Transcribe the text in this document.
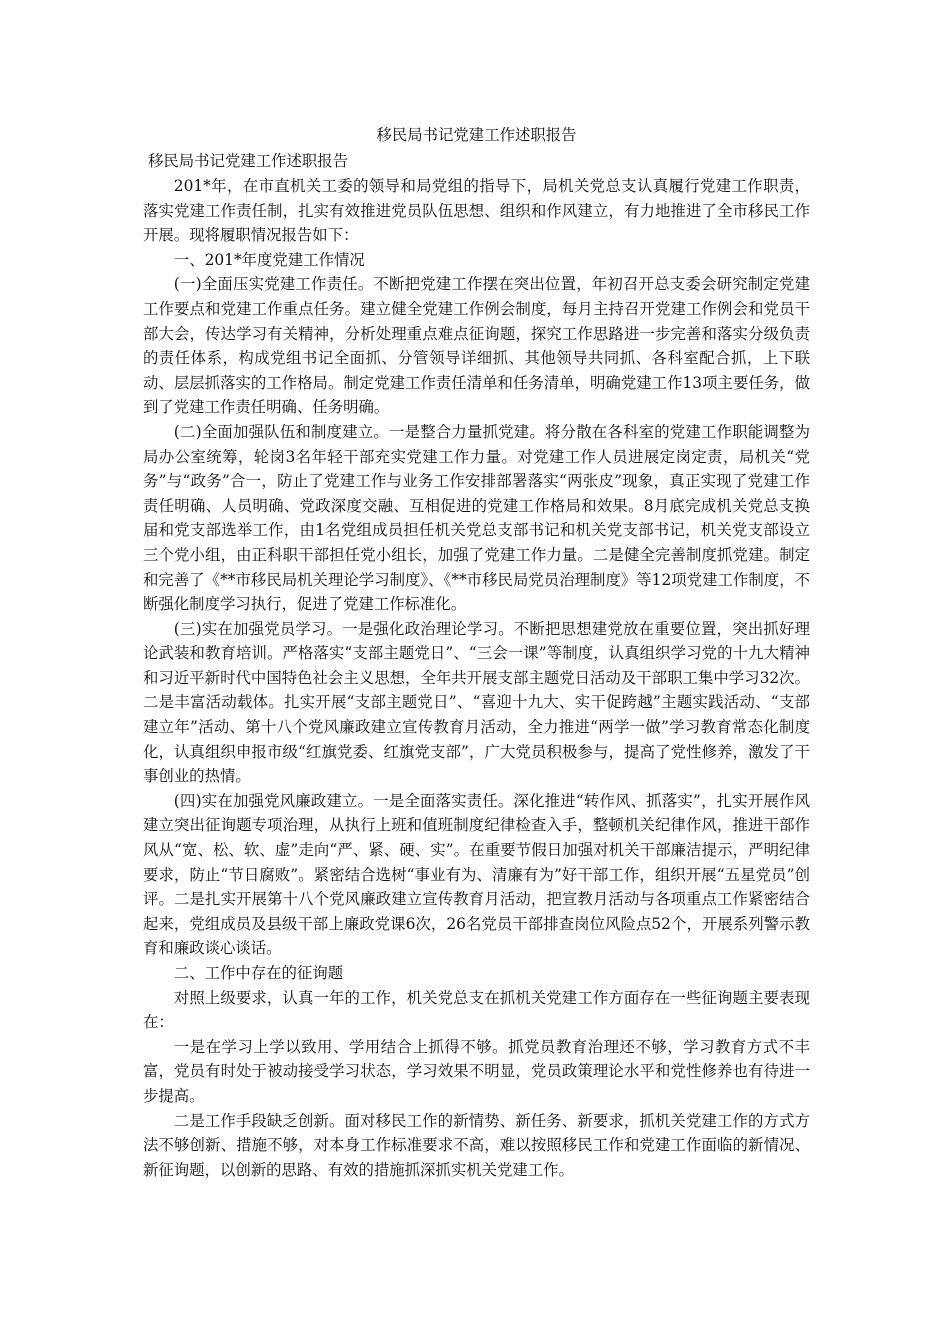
移民局书记党建工作述职报告
移民局书记党建工作述职报告

201*年，在市直机关工委的领导和局党组的指导下，局机关党总支认真履行党建工作职责，落实党建工作责任制，扎实有效推进党员队伍思想、组织和作风建立，有力地推进了全市移民工作开展。现将履职情况报告如下：

一、201*年度党建工作情况

(一)全面压实党建工作责任。不断把党建工作摆在突出位置，年初召开总支委会研究制定党建工作要点和党建工作重点任务。建立健全党建工作例会制度，每月主持召开党建工作例会和党员干部大会，传达学习有关精神，分析处理重点难点征询题，探究工作思路进一步完善和落实分级负责的责任体系，构成党组书记全面抓、分管领导详细抓、其他领导共同抓、各科室配合抓，上下联动、层层抓落实的工作格局。制定党建工作责任清单和任务清单，明确党建工作13项主要任务，做到了党建工作责任明确、任务明确。

(二)全面加强队伍和制度建立。一是整合力量抓党建。将分散在各科室的党建工作职能调整为局办公室统筹，轮岗3名年轻干部充实党建工作力量。对党建工作人员进展定岗定责，局机关“党务”与“政务”合一，防止了党建工作与业务工作安排部署落实“两张皮”现象，真正实现了党建工作责任明确、人员明确、党政深度交融、互相促进的党建工作格局和效果。8月底完成机关党总支换届和党支部选举工作，由1名党组成员担任机关党总支部书记和机关党支部书记，机关党支部设立三个党小组，由正科职干部担任党小组长，加强了党建工作力量。二是健全完善制度抓党建。制定和完善了《**市移民局机关理论学习制度》、《**市移民局党员治理制度》等12项党建工作制度，不断强化制度学习执行，促进了党建工作标准化。

(三)实在加强党员学习。一是强化政治理论学习。不断把思想建党放在重要位置，突出抓好理论武装和教育培训。严格落实“支部主题党日”、“三会一课”等制度，认真组织学习党的十九大精神和习近平新时代中国特色社会主义思想，全年共开展支部主题党日活动及干部职工集中学习32次。二是丰富活动载体。扎实开展“支部主题党日”、“喜迎十九大、实干促跨越”主题实践活动、“支部建立年”活动、第十八个党风廉政建立宣传教育月活动，全力推进“两学一做”学习教育常态化制度化，认真组织申报市级“红旗党委、红旗党支部”，广大党员积极参与，提高了党性修养，激发了干事创业的热情。

(四)实在加强党风廉政建立。一是全面落实责任。深化推进“转作风、抓落实”，扎实开展作风建立突出征询题专项治理，从执行上班和值班制度纪律检查入手，整顿机关纪律作风，推进干部作风从“宽、松、软、虚”走向“严、紧、硬、实”。在重要节假日加强对机关干部廉洁提示，严明纪律要求，防止“节日腐败”。紧密结合选树“事业有为、清廉有为”好干部工作，组织开展“五星党员”创评。二是扎实开展第十八个党风廉政建立宣传教育月活动，把宣教月活动与各项重点工作紧密结合起来，党组成员及县级干部上廉政党课6次，26名党员干部排查岗位风险点52个，开展系列警示教育和廉政谈心谈话。

二、工作中存在的征询题

对照上级要求，认真一年的工作，机关党总支在抓机关党建工作方面存在一些征询题主要表现在：

一是在学习上学以致用、学用结合上抓得不够。抓党员教育治理还不够，学习教育方式不丰富，党员有时处于被动接受学习状态，学习效果不明显，党员政策理论水平和党性修养也有待进一步提高。

二是工作手段缺乏创新。面对移民工作的新情势、新任务、新要求，抓机关党建工作的方式方法不够创新、措施不够，对本身工作标准要求不高，难以按照移民工作和党建工作面临的新情况、新征询题，以创新的思路、有效的措施抓深抓实机关党建工作。
